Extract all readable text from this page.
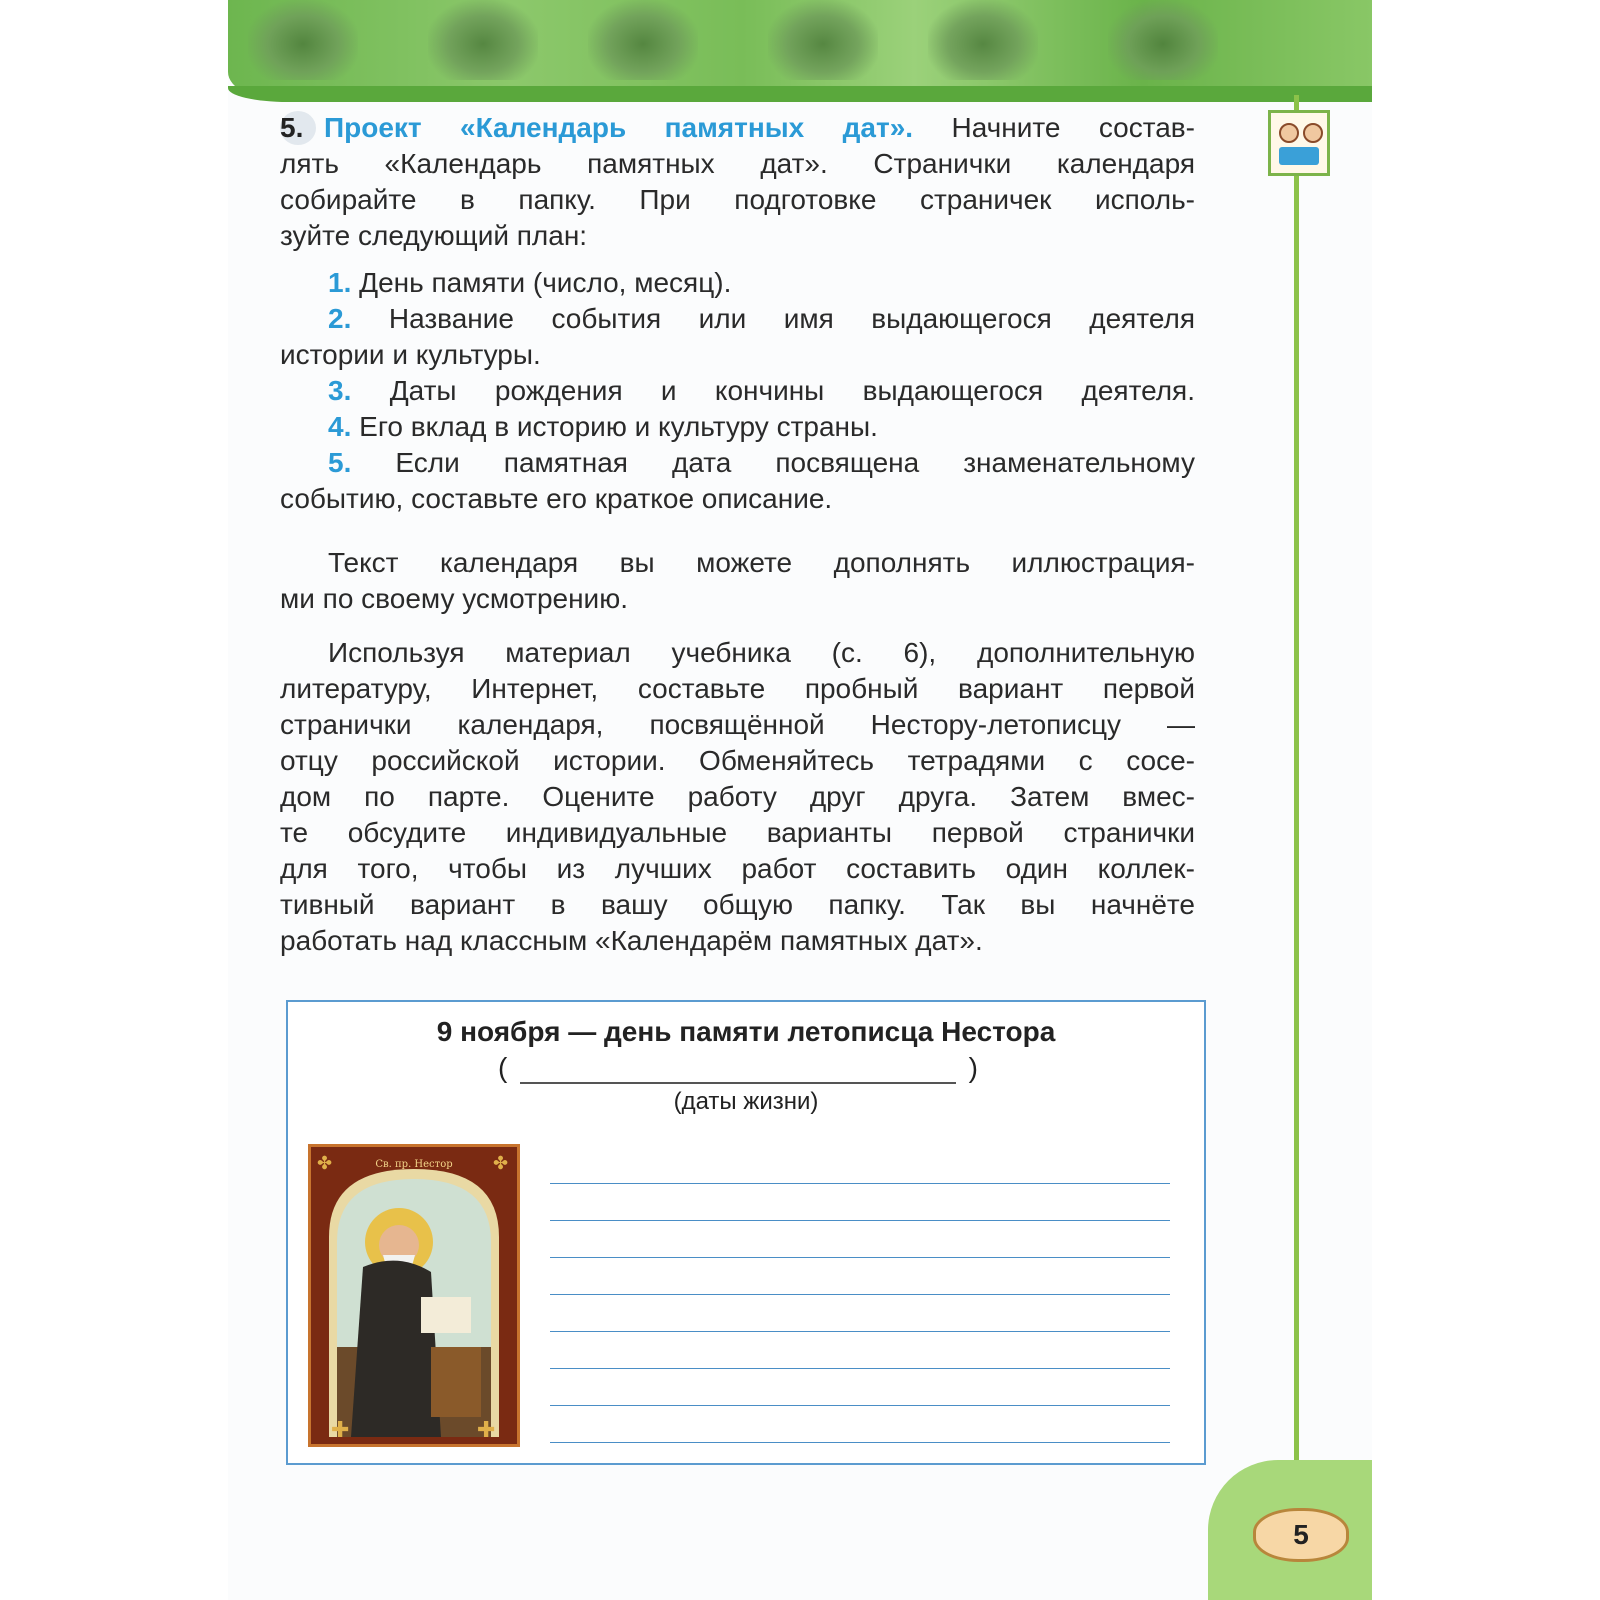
5. Проект «Календарь памятных дат». Начните состав-
лять «Календарь памятных дат». Странички календаря
собирайте в папку. При подготовке страничек исполь-
зуйте следующий план:
1. День памяти (число, месяц).
2. Название события или имя выдающегося деятеля
истории и культуры.
3. Даты рождения и кончины выдающегося деятеля.
4. Его вклад в историю и культуру страны.
5. Если памятная дата посвящена знаменательному
событию, составьте его краткое описание.
Текст календаря вы можете дополнять иллюстрация-
ми по своему усмотрению.
Используя материал учебника (с. 6), дополнительную
литературу, Интернет, составьте пробный вариант первой
странички календаря, посвящённой Нестору-летописцу —
отцу российской истории. Обменяйтесь тетрадями с сосе-
дом по парте. Оцените работу друг друга. Затем вмес-
те обсудите индивидуальные варианты первой странички
для того, чтобы из лучших работ составить один коллек-
тивный вариант в вашу общую папку. Так вы начнёте
работать над классным «Календарём памятных дат».
9 ноября — день памяти летописца Нестора
(	)
(даты жизни)
Св. пр. Нестор
✚	✚
✤	✤
5
